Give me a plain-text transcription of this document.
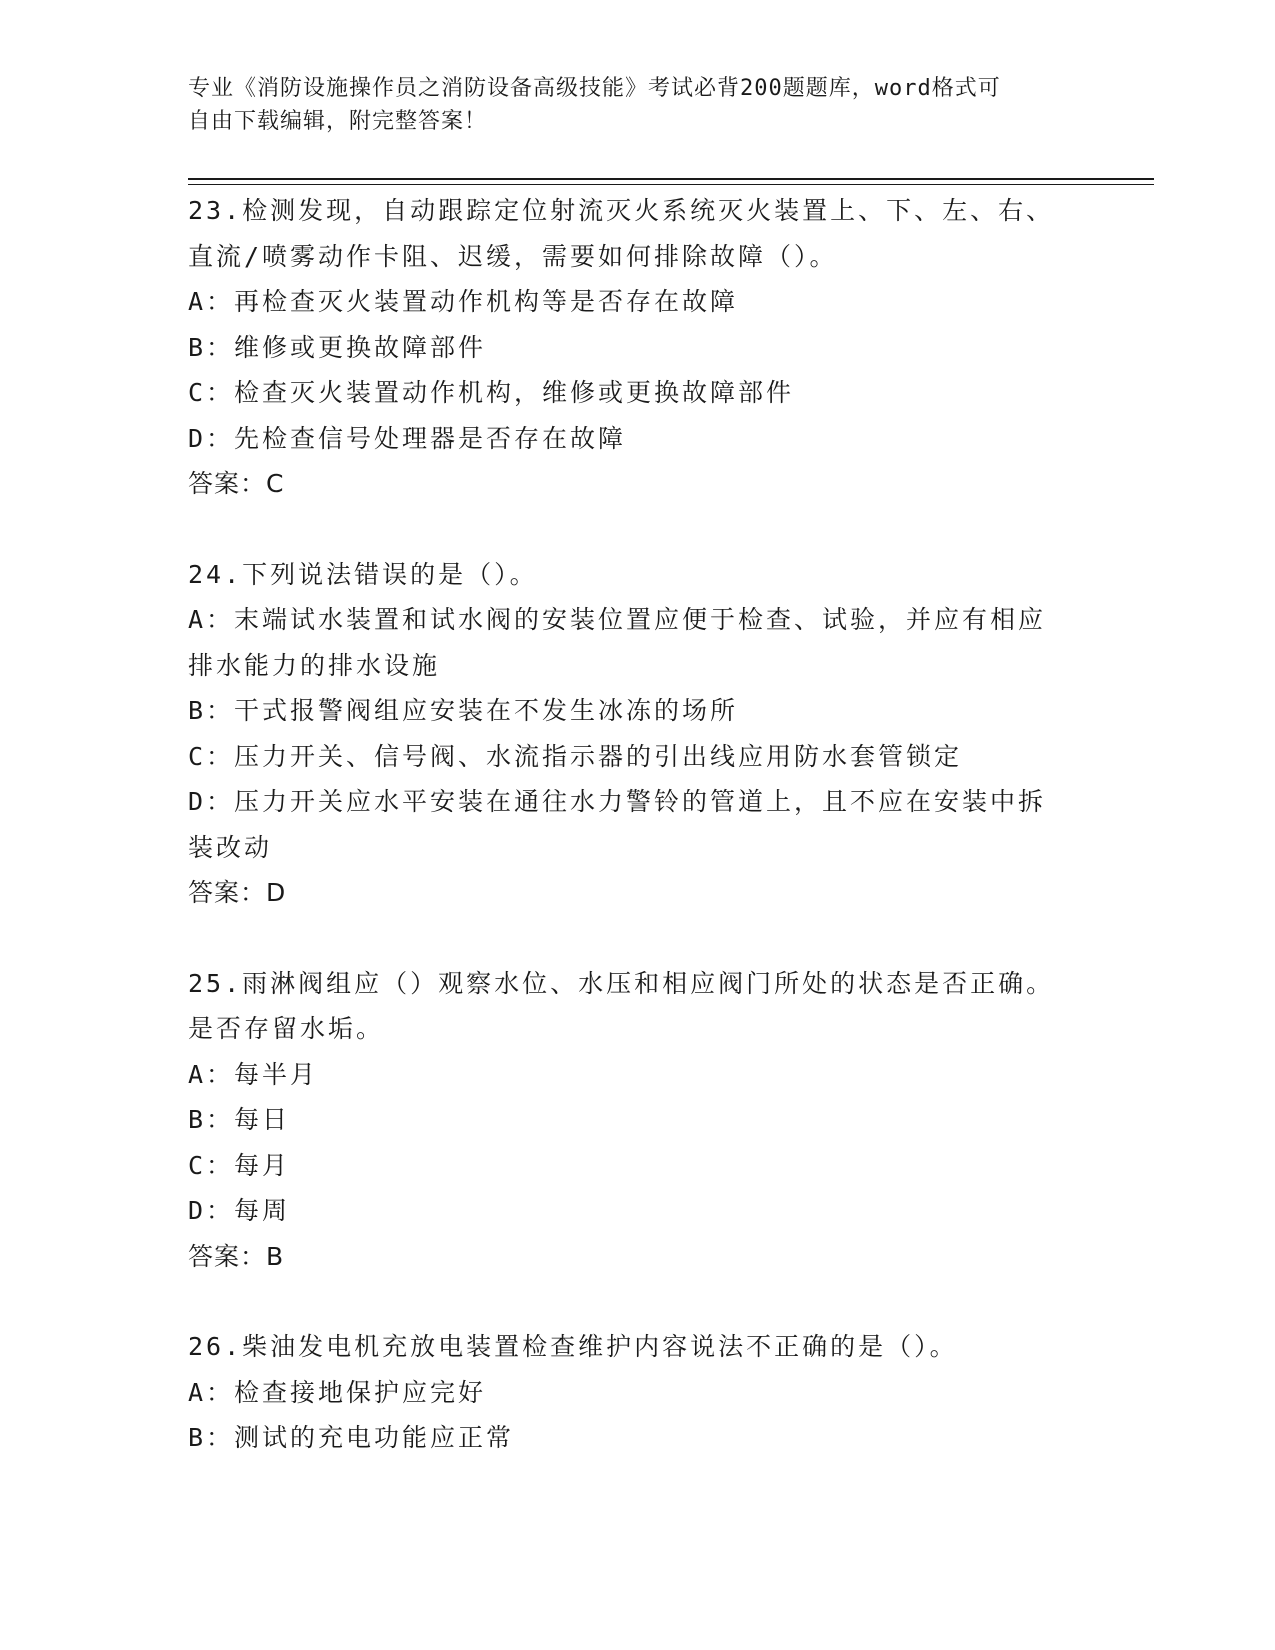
专业《消防设施操作员之消防设备高级技能》考试必背200题题库，word格式可
自由下载编辑，附完整答案！
23.检测发现，自动跟踪定位射流灭火系统灭火装置上、下、左、右、
直流/喷雾动作卡阻、迟缓，需要如何排除故障（）。
A：再检查灭火装置动作机构等是否存在故障
B：维修或更换故障部件
C：检查灭火装置动作机构，维修或更换故障部件
D：先检查信号处理器是否存在故障
答案：C
24.下列说法错误的是（）。
A：末端试水装置和试水阀的安装位置应便于检查、试验，并应有相应
排水能力的排水设施
B：干式报警阀组应安装在不发生冰冻的场所
C：压力开关、信号阀、水流指示器的引出线应用防水套管锁定
D：压力开关应水平安装在通往水力警铃的管道上，且不应在安装中拆
装改动
答案：D
25.雨淋阀组应（）观察水位、水压和相应阀门所处的状态是否正确。
是否存留水垢。
A：每半月
B：每日
C：每月
D：每周
答案：B
26.柴油发电机充放电装置检查维护内容说法不正确的是（）。
A：检查接地保护应完好
B：测试的充电功能应正常
